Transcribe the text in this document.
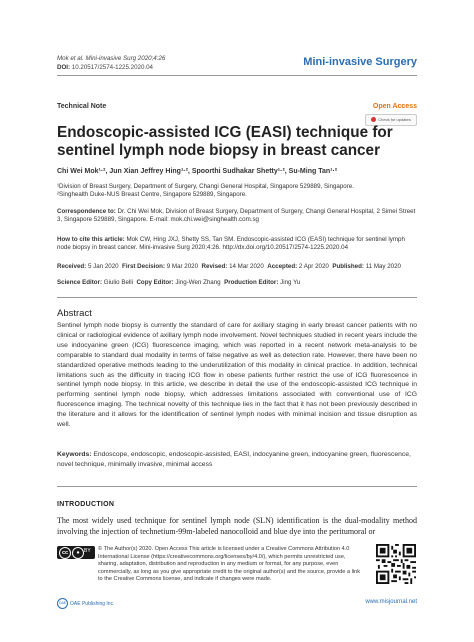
Mok et al. Mini-invasive Surg 2020;4:26
DOI: 10.20517/2574-1225.2020.04	Mini-invasive Surgery
Technical Note	Open Access
Check for updates
Endoscopic-assisted ICG (EASI) technique for sentinel lymph node biopsy in breast cancer
Chi Wei Mok¹·², Jun Xian Jeffrey Hing¹·², Spoorthi Sudhakar Shetty¹·², Su-Ming Tan¹·²
¹Division of Breast Surgery, Department of Surgery, Changi General Hospital, Singapore 529889, Singapore.
²Singhealth Duke-NUS Breast Centre, Singapore 529889, Singapore.
Correspondence to: Dr. Chi Wei Mok, Division of Breast Surgery, Department of Surgery, Changi General Hospital, 2 Simei Street 3, Singapore 529889, Singapore. E-mail: mok.chi.wei@singhealth.com.sg
How to cite this article: Mok CW, Hing JXJ, Shetty SS, Tan SM. Endoscopic-assisted ICG (EASI) technique for sentinel lymph node biopsy in breast cancer. Mini-invasive Surg 2020;4:26. http://dx.doi.org/10.20517/2574-1225.2020.04
Received: 5 Jan 2020 First Decision: 9 Mar 2020 Revised: 14 Mar 2020 Accepted: 2 Apr 2020 Published: 11 May 2020
Science Editor: Giulio Belli Copy Editor: Jing-Wen Zhang Production Editor: Jing Yu
Abstract
Sentinel lymph node biopsy is currently the standard of care for axillary staging in early breast cancer patients with no clinical or radiological evidence of axillary lymph node involvement. Novel techniques studied in recent years include the use indocyanine green (ICG) fluorescence imaging, which was reported in a recent network meta-analysis to be comparable to standard dual modality in terms of false negative as well as detection rate. However, there have been no standardized operative methods leading to the underutilization of this modality in clinical practice. In addition, technical limitations such as the difficulty in tracing ICG flow in obese patients further restrict the use of ICG fluorescence in sentinel lymph node biopsy. In this article, we describe in detail the use of the endoscopic-assisted ICG technique in performing sentinel lymph node biopsy, which addresses limitations associated with conventional use of ICG fluorescence imaging. The technical novelty of this technique lies in the fact that it has not been previously described in the literature and it allows for the identification of sentinel lymph nodes with minimal incision and tissue disruption as well.
Keywords: Endoscope, endoscopic, endoscopic-assisted, EASI, indocyanine green, indocyanine green, fluorescence, novel technique, minimally invasive, minimal access
INTRODUCTION
The most widely used technique for sentinel lymph node (SLN) identification is the dual-modality method involving the injection of technetium-99m-labeled nanocolloid and blue dye into the peritumoral or
cc	● BY © The Author(s) 2020. Open Access This article is licensed under a Creative Commons Attribution 4.0 International License (https://creativecommons.org/licenses/by/4.0/), which permits unrestricted use, sharing, adaptation, distribution and reproduction in any medium or format, for any purpose, even commercially, as long as you give appropriate credit to the original author(s) and the source, provide a link to the Creative Commons license, and indicate if changes were made.
OAE OAE Publishing Inc.	www.misjournal.net
